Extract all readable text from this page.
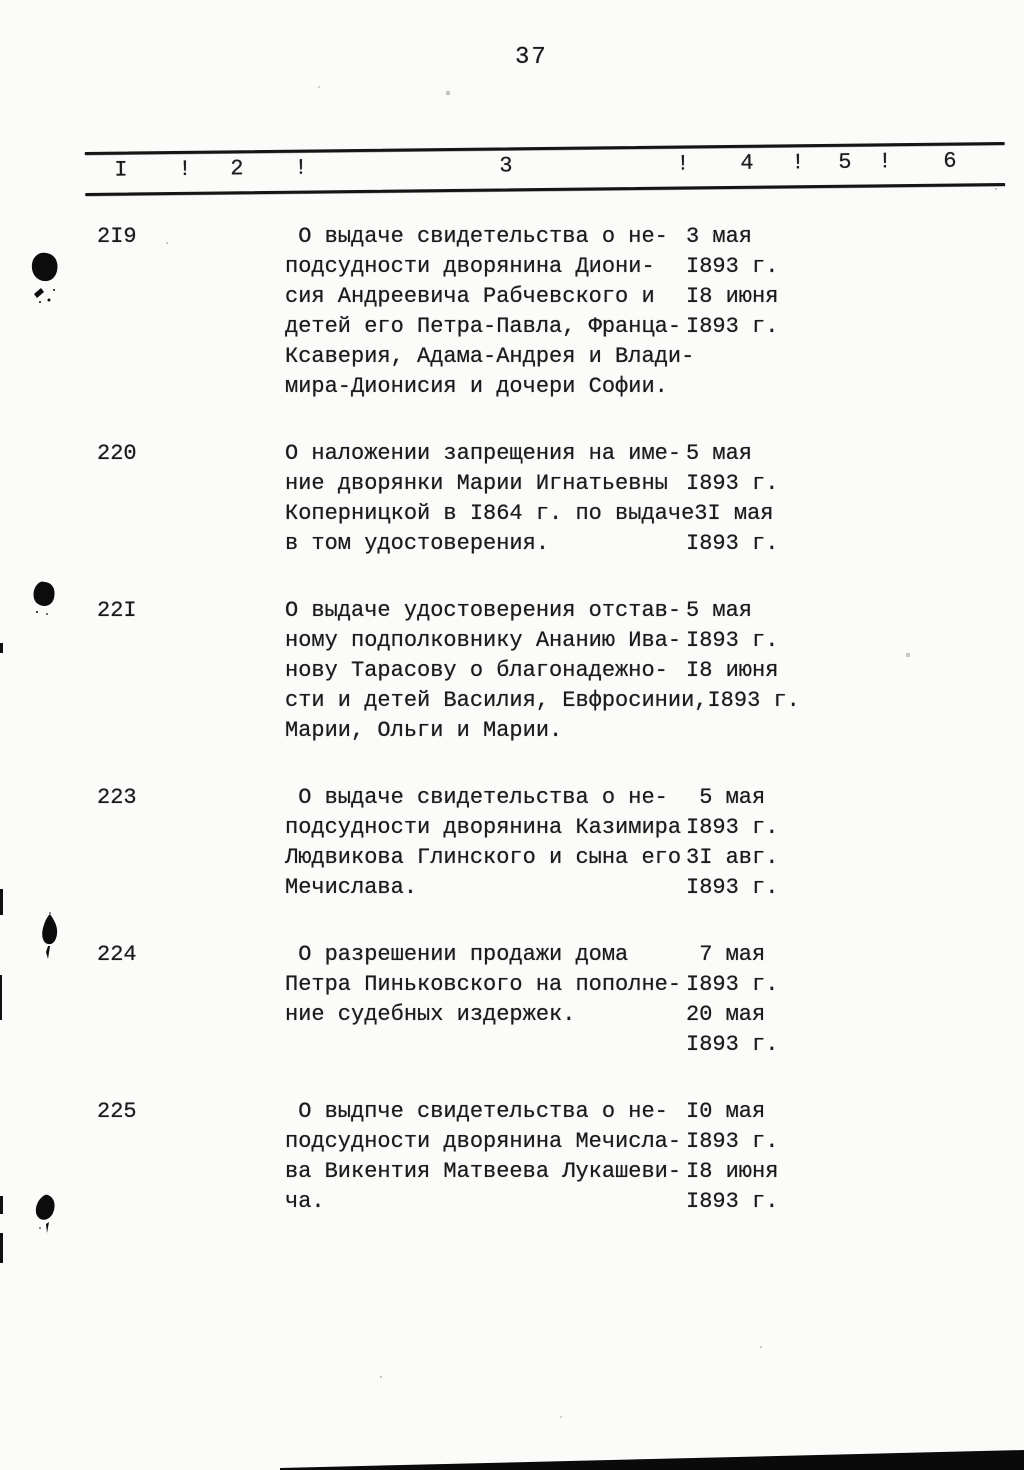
37
I ! 2 !	3	! 4 ! 5 ! 6
2I9	О выдаче свидетельства о не- 3 мая
подсудности дворянина Диони-	I893 г.
сия Андреевича Рабчевского и	I8 июня
детей его Петра-Павла, Франца- I893 г.
Ксаверия, Адама-Андрея и Влади-
мира-Дионисия и дочери Софии.
220	О наложении запрещения на име- 5 мая
ние дворянки Марии Игнатьевны I893 г.
Коперницкой в I864 г. по выдаче 3I мая
в том удостоверения.	I893 г.
22I	О выдаче удостоверения отстав- 5 мая
ному подполковнику Ананию Ива- I893 г.
нову Тарасову о благонадежно- I8 июня
сти и детей Василия, Евфросинии, I893 г.
Марии, Ольги и Марии.
223	О выдаче свидетельства о не- 5 мая
подсудности дворянина Казимира I893 г.
Людвикова Глинского и сына его 3I авг.
Мечислава.	I893 г.
224	О разрешении продажи дома	7 мая
Петра Пиньковского на пополне- I893 г.
ние судебных издержек.	20 мая
I893 г.
225	О выдпче свидетельства о не- I0 мая
подсудности дворянина Мечисла- I893 г.
ва Викентия Матвеева Лукашеви- I8 июня
ча.	I893 г.
